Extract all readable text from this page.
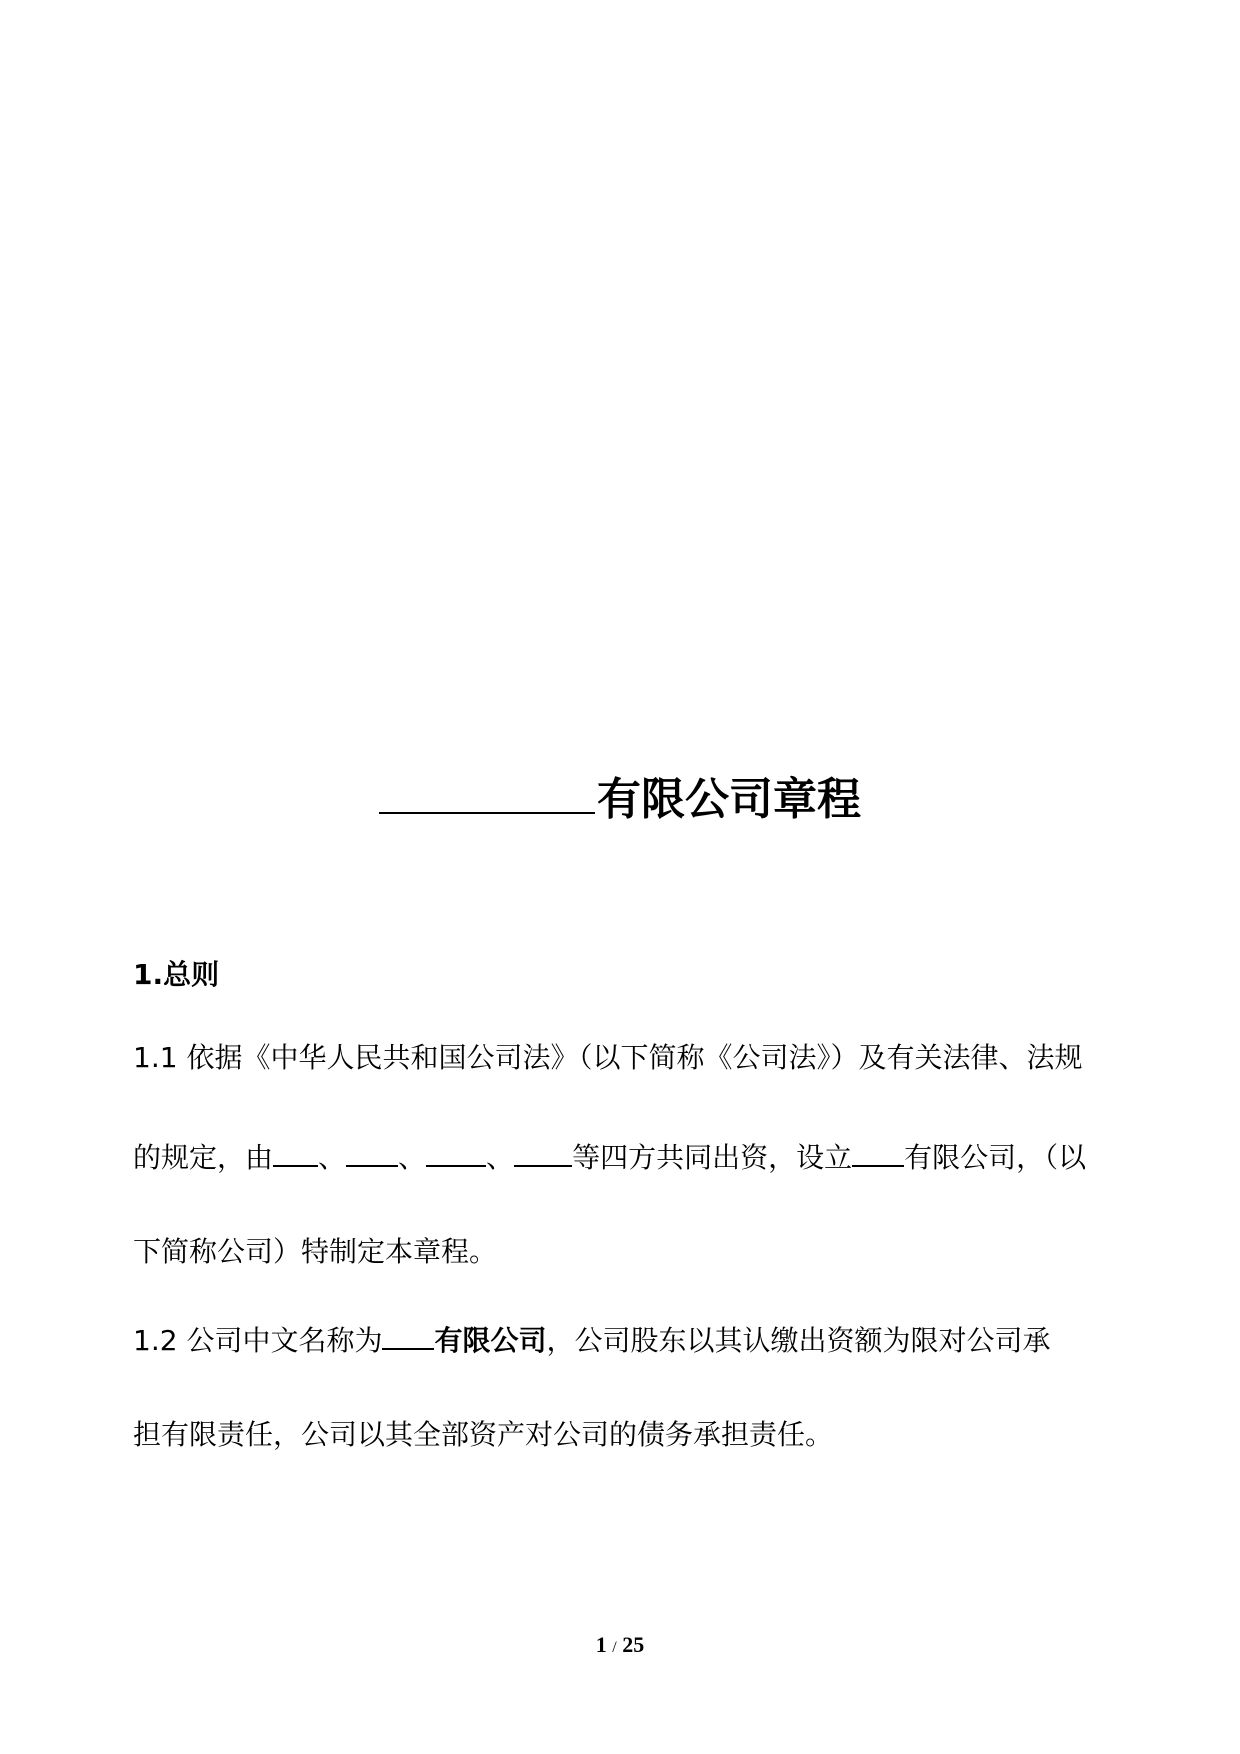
有限公司章程
1.总则
1.1 依据《中华人民共和国公司法》（以下简称《公司法》）及有关法律、法规
的规定，由 、 、 、 等四方共同出资，设立 有限公司，（以
下简称公司）特制定本章程。
1.2 公司中文名称为 有限公司，公司股东以其认缴出资额为限对公司承
担有限责任，公司以其全部资产对公司的债务承担责任。
1 / 25
